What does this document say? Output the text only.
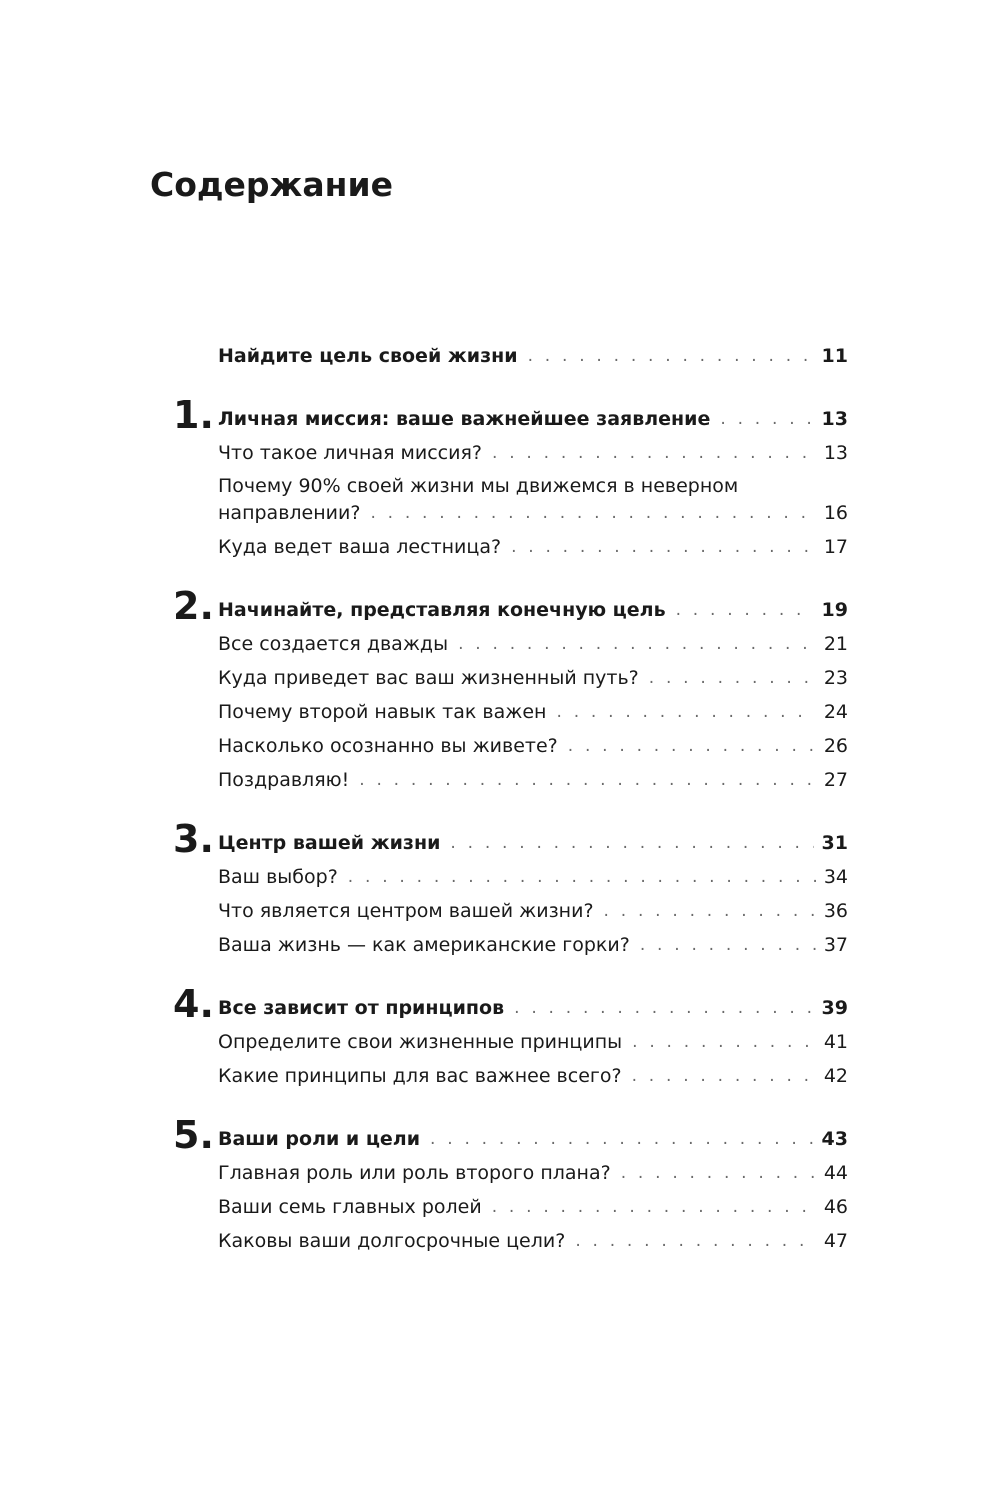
Содержание
Найдите цель своей жизни . . .	11
1. Личная миссия: ваше важнейшее заявление . . .	13
Что такое личная миссия? . . .	13
Почему 90% своей жизни мы движемся в неверном
направлении? . . .	16
Куда ведет ваша лестница? . . .	17
2. Начинайте, представляя конечную цель . . .	19
Все создается дважды . . .	21
Куда приведет вас ваш жизненный путь? . . .	23
Почему второй навык так важен . . .	24
Насколько осознанно вы живете? . . .	26
Поздравляю! . . .	27
3. Центр вашей жизни . . .	31
Ваш выбор? . . .	34
Что является центром вашей жизни? . . .	36
Ваша жизнь — как американские горки? . . .	37
4. Все зависит от принципов . . .	39
Определите свои жизненные принципы . . .	41
Какие принципы для вас важнее всего? . . .	42
5. Ваши роли и цели . . .	43
Главная роль или роль второго плана? . . .	44
Ваши семь главных ролей . . .	46
Каковы ваши долгосрочные цели? . . .	47
